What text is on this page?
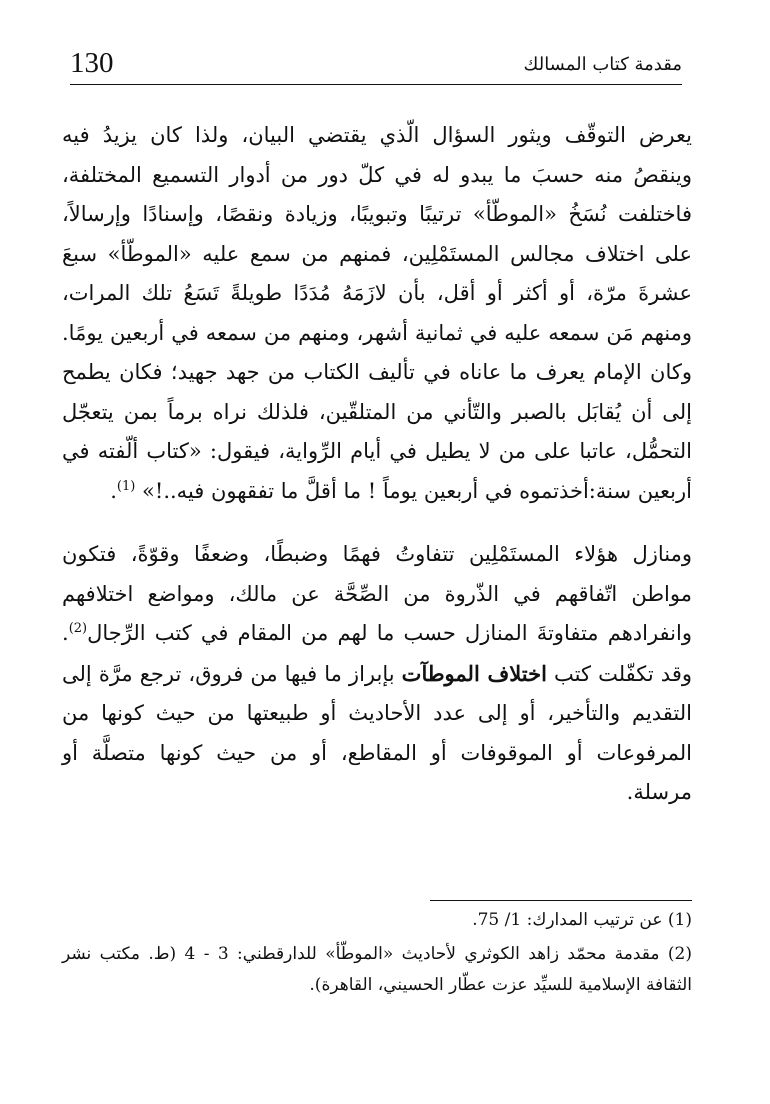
130	مقدمة كتاب المسالك

يعرض التوقّف ويثور السؤال الّذي يقتضي البيان، ولذا كان يزيدُ فيه وينقصُ منه حسبَ ما يبدو له في كلّ دور من أدوار التسميع المختلفة، فاختلفت نُسَخُ «الموطّأ» ترتيبًا وتبويبًا، وزيادة ونقصًا، وإسنادًا وإرسالاً، على اختلاف مجالس المستَمْلِين، فمنهم من سمع عليه «الموطّأ» سبعَ عشرةَ مرّة، أو أكثر أو أقل، بأن لازَمَهُ مُدَدًا طويلةً تَسَعُ تلك المرات، ومنهم مَن سمعه عليه في ثمانية أشهر، ومنهم من سمعه في أربعين يومًا. وكان الإمام يعرف ما عاناه في تأليف الكتاب من جهد جهيد؛ فكان يطمح إلى أن يُقابَل بالصبر والتّأني من المتلقّين، فلذلك نراه برماً بمن يتعجّل التحمُّل، عاتبا على من لا يطيل في أيام الرِّواية، فيقول: «كتاب ألّفته في أربعين سنة:أخذتموه في أربعين يوماً ! ما أقلَّ ما تفقهون فيه..!» $^{(1)}$.

ومنازل هؤلاء المستَمْلِين تتفاوتُ فهمًا وضبطًا، وضعفًا وقوّةً، فتكون مواطن اتّفاقهم في الذّروة من الصِّحَّة عن مالك، ومواضع اختلافهم وانفرادهم متفاوتةَ المنازل حسب ما لهم من المقام في كتب الرِّجال$^{(2)}$. وقد تكفّلت كتب اختلاف الموطآت بإبراز ما فيها من فروق، ترجع مرَّة إلى التقديم والتأخير، أو إلى عدد الأحاديث أو طبيعتها من حيث كونها من المرفوعات أو الموقوفات أو المقاطع، أو من حيث كونها متصلَّة أو مرسلة.

(1) عن ترتيب المدارك: 1/ 75.

(2) مقدمة محمّد زاهد الكوثري لأحاديث «الموطّأ» للدارقطني: 3 - 4 (ط. مكتب نشر الثقافة الإسلامية للسيِّد عزت عطّار الحسيني، القاهرة).
